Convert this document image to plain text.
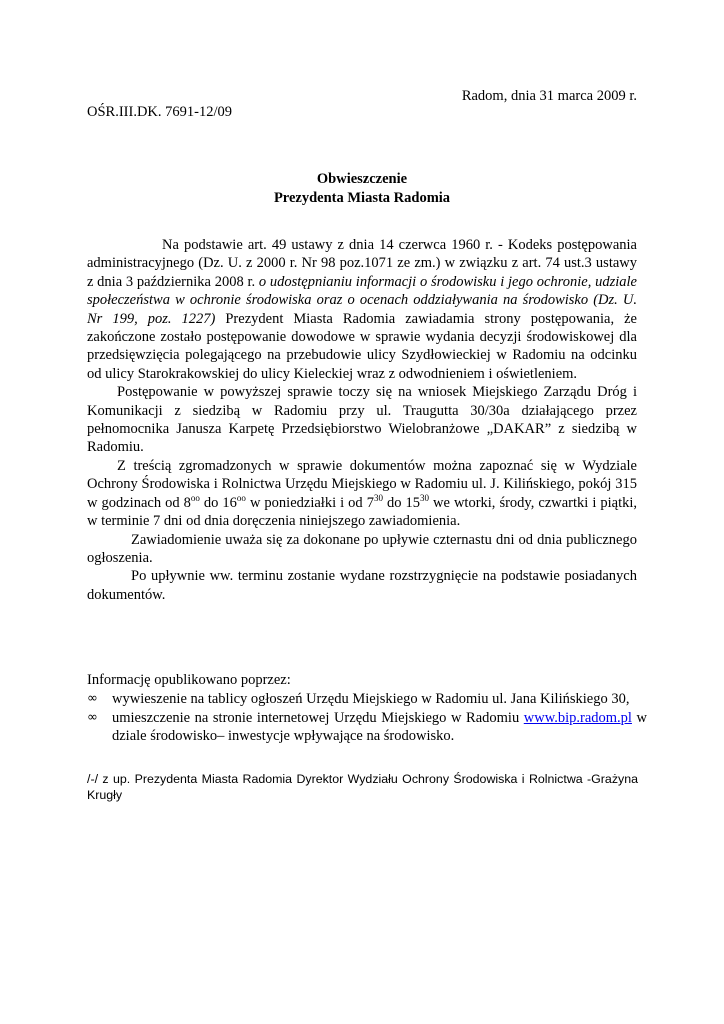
Radom, dnia 31 marca 2009 r.
OŚR.III.DK. 7691-12/09
Obwieszczenie
Prezydenta Miasta Radomia

Na podstawie art. 49 ustawy z dnia 14 czerwca 1960 r. - Kodeks postępowania administracyjnego (Dz. U. z 2000 r. Nr 98 poz.1071 ze zm.) w związku z art. 74 ust.3 ustawy z dnia 3 października 2008 r. o udostępnianiu informacji o środowisku i jego ochronie, udziale społeczeństwa w ochronie środowiska oraz o ocenach oddziaływania na środowisko (Dz. U. Nr 199, poz. 1227) Prezydent Miasta Radomia zawiadamia strony postępowania, że zakończone zostało postępowanie dowodowe w sprawie wydania decyzji środowiskowej dla przedsięwzięcia polegającego na przebudowie ulicy Szydłowieckiej w Radomiu na odcinku od ulicy Starokrakowskiej do ulicy Kieleckiej wraz z odwodnieniem i oświetleniem.

Postępowanie w powyższej sprawie toczy się na wniosek Miejskiego Zarządu Dróg i Komunikacji z siedzibą w Radomiu przy ul. Traugutta 30/30a działającego przez pełnomocnika Janusza Karpetę Przedsiębiorstwo Wielobranżowe „DAKAR” z siedzibą w Radomiu.

Z treścią zgromadzonych w sprawie dokumentów można zapoznać się w Wydziale Ochrony Środowiska i Rolnictwa Urzędu Miejskiego w Radomiu ul. J. Kilińskiego, pokój 315 w godzinach od $8^{oo}$ do $16^{oo}$ w poniedziałki i od $7^{30}$ do $15^{30}$ we wtorki, środy, czwartki i piątki, w terminie 7 dni od dnia doręczenia niniejszego zawiadomienia.

Zawiadomienie uważa się za dokonane po upływie czternastu dni od dnia publicznego ogłoszenia.

Po upływnie ww. terminu zostanie wydane rozstrzygnięcie na podstawie posiadanych dokumentów.

Informację opublikowano poprzez:
∞ wywieszenie na tablicy ogłoszeń Urzędu Miejskiego w Radomiu ul. Jana Kilińskiego 30,
∞ umieszczenie na stronie internetowej Urzędu Miejskiego w Radomiu www.bip.radom.pl w dziale środowisko– inwestycje wpływające na środowisko.
/-/ z up. Prezydenta Miasta Radomia Dyrektor Wydziału Ochrony Środowiska i Rolnictwa -Grażyna Krugły
